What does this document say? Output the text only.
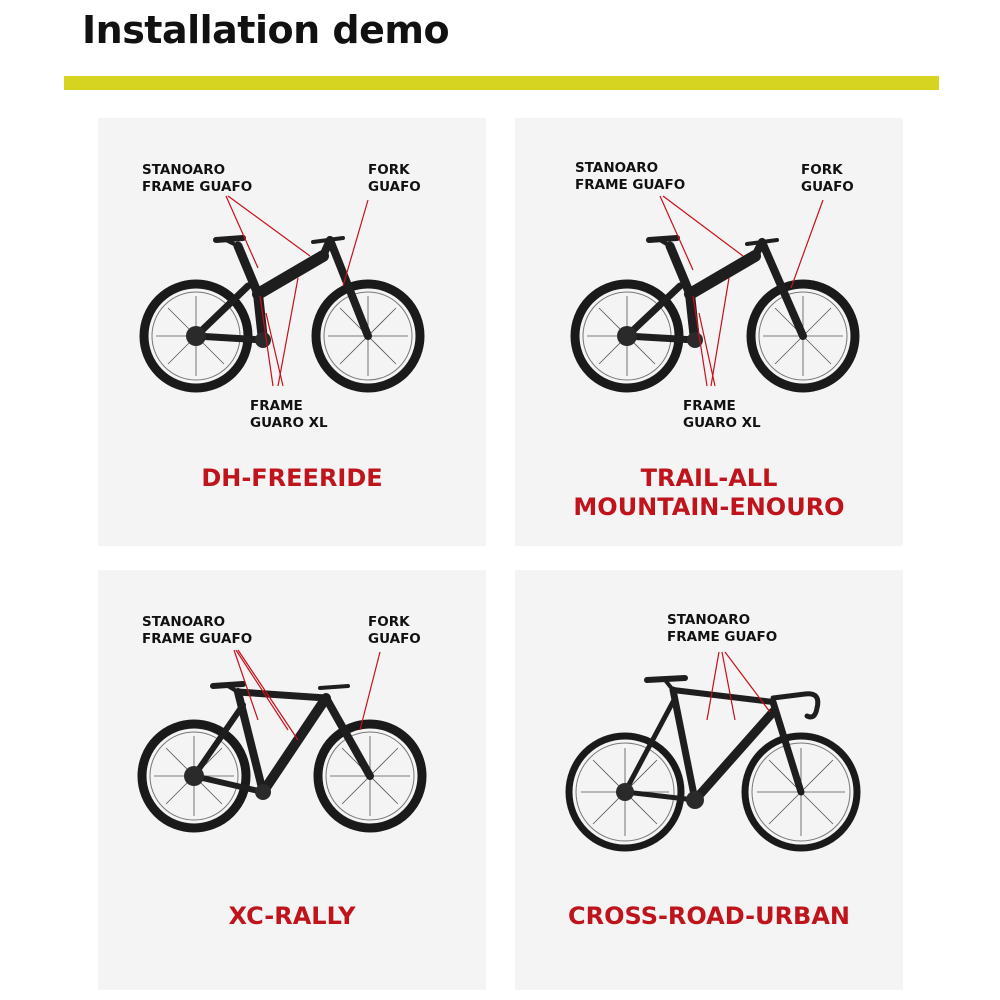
Installation demo
STANOARO
FRAME GUAFO
FORK
GUAFO
FRAME
GUARO XL
DH-FREERIDE
STANOARO
FRAME GUAFO
FORK
GUAFO
FRAME
GUARO XL
TRAIL-ALL
MOUNTAIN-ENOURO
STANOARO
FRAME GUAFO
FORK
GUAFO
XC-RALLY
STANOARO
FRAME GUAFO
CROSS-ROAD-URBAN
